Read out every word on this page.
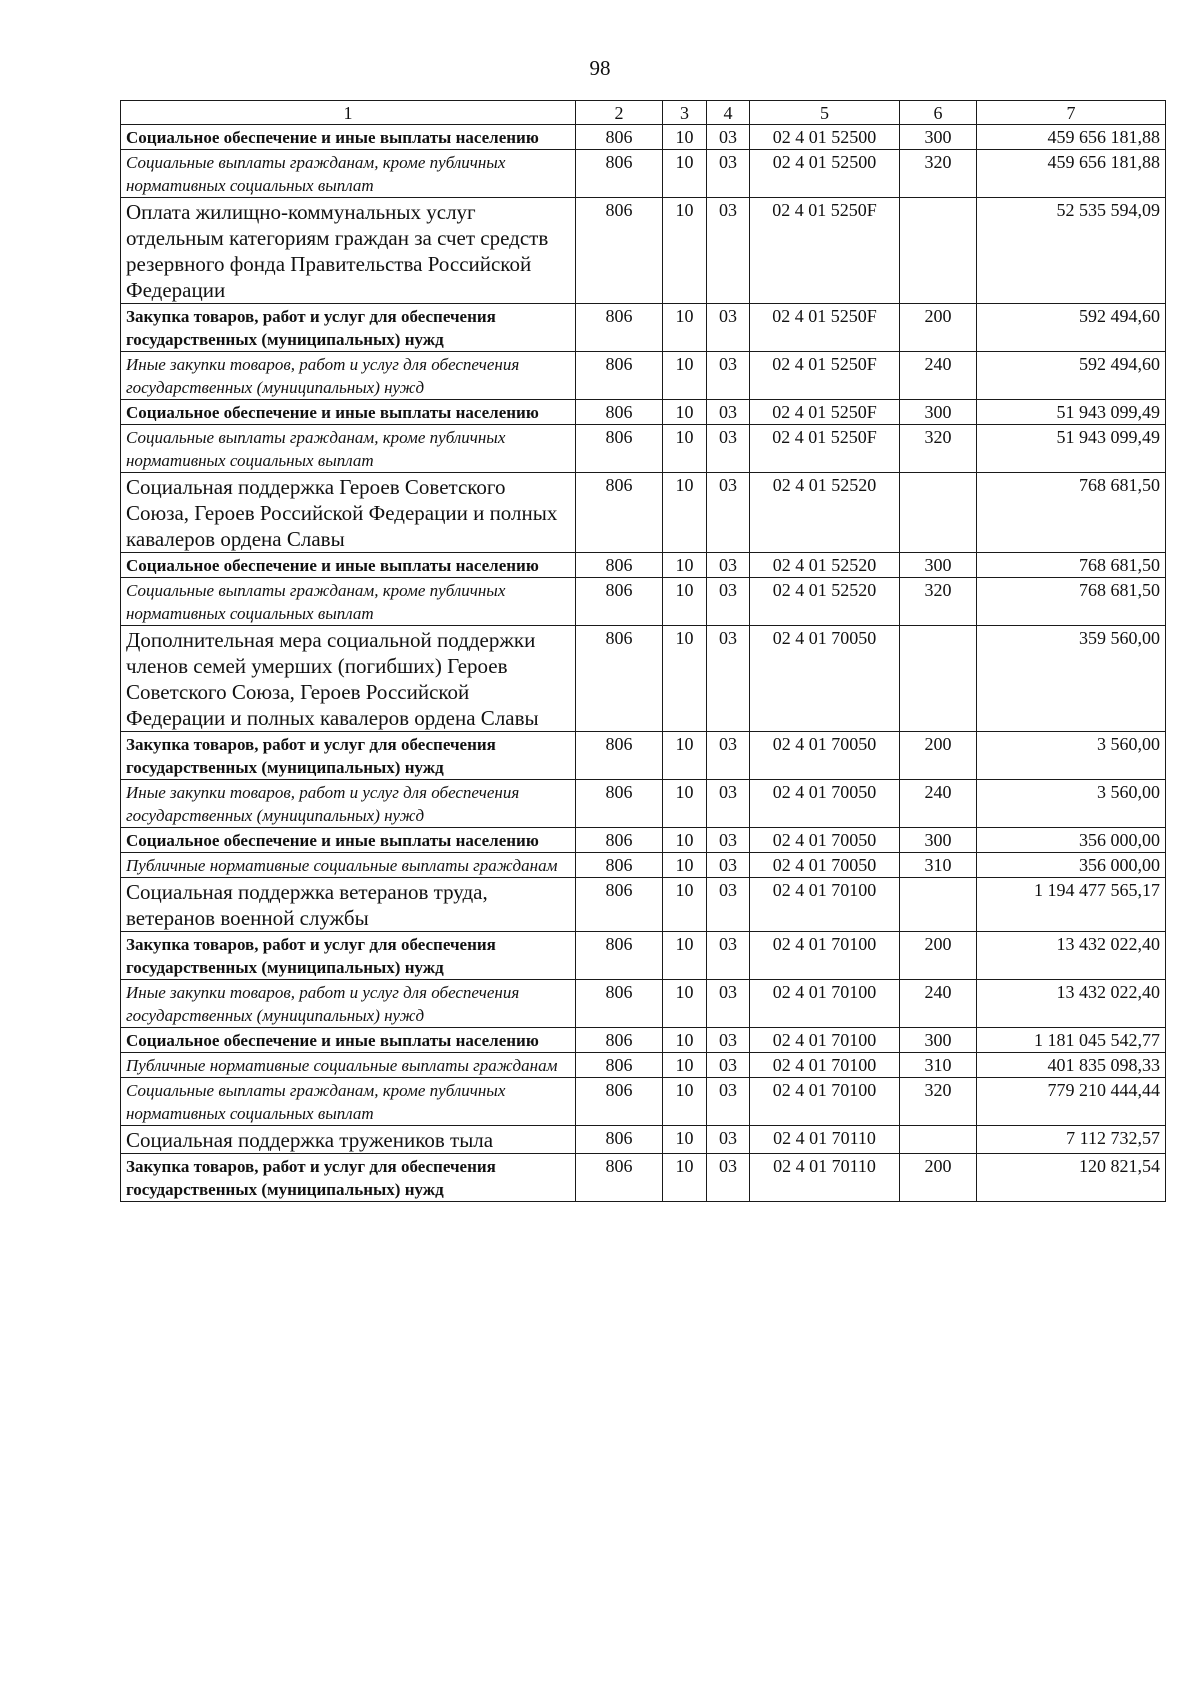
98
1	2	3	4	5	6	7
Социальное обеспечение и иные выплаты населению	806	10	03	02 4 01 52500	300	459 656 181,88
Социальные выплаты гражданам, кроме публичных нормативных социальных выплат	806	10	03	02 4 01 52500	320	459 656 181,88
Оплата жилищно-коммунальных услуг отдельным категориям граждан за счет средств резервного фонда Правительства Российской Федерации	806	10	03	02 4 01 5250F		52 535 594,09
Закупка товаров, работ и услуг для обеспечения государственных (муниципальных) нужд	806	10	03	02 4 01 5250F	200	592 494,60
Иные закупки товаров, работ и услуг для обеспечения государственных (муниципальных) нужд	806	10	03	02 4 01 5250F	240	592 494,60
Социальное обеспечение и иные выплаты населению	806	10	03	02 4 01 5250F	300	51 943 099,49
Социальные выплаты гражданам, кроме публичных нормативных социальных выплат	806	10	03	02 4 01 5250F	320	51 943 099,49
Социальная поддержка Героев Советского Союза, Героев Российской Федерации и полных кавалеров ордена Славы	806	10	03	02 4 01 52520		768 681,50
Социальное обеспечение и иные выплаты населению	806	10	03	02 4 01 52520	300	768 681,50
Социальные выплаты гражданам, кроме публичных нормативных социальных выплат	806	10	03	02 4 01 52520	320	768 681,50
Дополнительная мера социальной поддержки членов семей умерших (погибших) Героев Советского Союза, Героев Российской Федерации и полных кавалеров ордена Славы	806	10	03	02 4 01 70050		359 560,00
Закупка товаров, работ и услуг для обеспечения государственных (муниципальных) нужд	806	10	03	02 4 01 70050	200	3 560,00
Иные закупки товаров, работ и услуг для обеспечения государственных (муниципальных) нужд	806	10	03	02 4 01 70050	240	3 560,00
Социальное обеспечение и иные выплаты населению	806	10	03	02 4 01 70050	300	356 000,00
Публичные нормативные социальные выплаты гражданам	806	10	03	02 4 01 70050	310	356 000,00
Социальная поддержка ветеранов труда, ветеранов военной службы	806	10	03	02 4 01 70100		1 194 477 565,17
Закупка товаров, работ и услуг для обеспечения государственных (муниципальных) нужд	806	10	03	02 4 01 70100	200	13 432 022,40
Иные закупки товаров, работ и услуг для обеспечения государственных (муниципальных) нужд	806	10	03	02 4 01 70100	240	13 432 022,40
Социальное обеспечение и иные выплаты населению	806	10	03	02 4 01 70100	300	1 181 045 542,77
Публичные нормативные социальные выплаты гражданам	806	10	03	02 4 01 70100	310	401 835 098,33
Социальные выплаты гражданам, кроме публичных нормативных социальных выплат	806	10	03	02 4 01 70100	320	779 210 444,44
Социальная поддержка тружеников тыла	806	10	03	02 4 01 70110		7 112 732,57
Закупка товаров, работ и услуг для обеспечения государственных (муниципальных) нужд	806	10	03	02 4 01 70110	200	120 821,54
